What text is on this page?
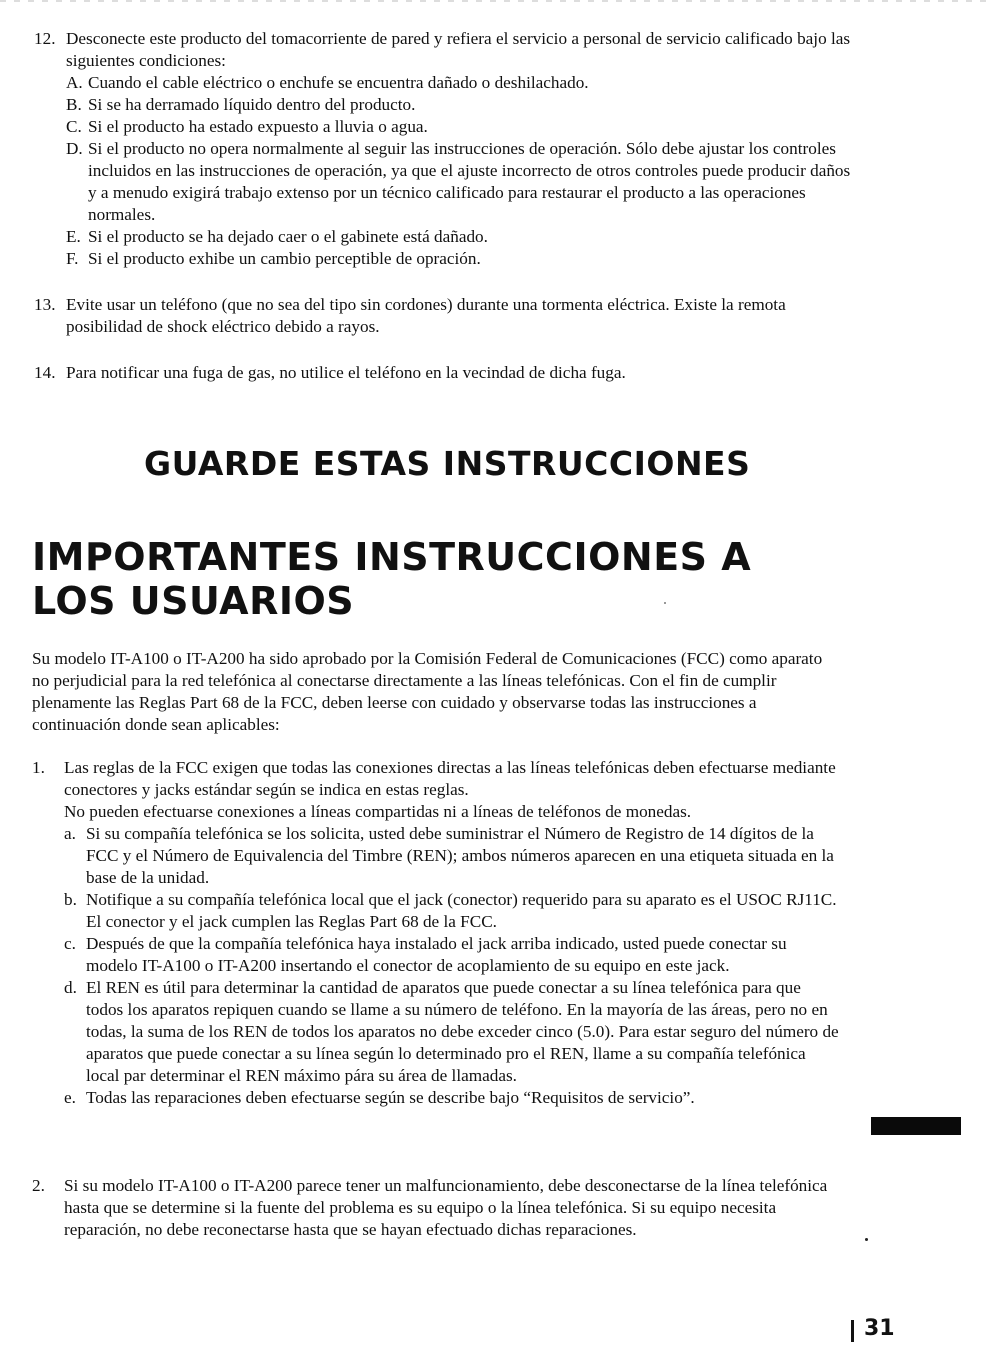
12. Desconecte este producto del tomacorriente de pared y refiera el servicio a personal de servicio calificado bajo las siguientes condiciones:
A. Cuando el cable eléctrico o enchufe se encuentra dañado o deshilachado.
B. Si se ha derramado líquido dentro del producto.
C. Si el producto ha estado expuesto a lluvia o agua.
D. Si el producto no opera normalmente al seguir las instrucciones de operación. Sólo debe ajustar los controles incluidos en las instrucciones de operación, ya que el ajuste incorrecto de otros controles puede producir daños y a menudo exigirá trabajo extenso por un técnico calificado para restaurar el producto a las operaciones normales.
E. Si el producto se ha dejado caer o el gabinete está dañado.
F. Si el producto exhibe un cambio perceptible de opración.
13. Evite usar un teléfono (que no sea del tipo sin cordones) durante una tormenta eléctrica. Existe la remota posibilidad de shock eléctrico debido a rayos.
14. Para notificar una fuga de gas, no utilice el teléfono en la vecindad de dicha fuga.
GUARDE ESTAS INSTRUCCIONES
IMPORTANTES INSTRUCCIONES A LOS USUARIOS
Su modelo IT-A100 o IT-A200 ha sido aprobado por la Comisión Federal de Comunicaciones (FCC) como aparato no perjudicial para la red telefónica al conectarse directamente a las líneas telefónicas. Con el fin de cumplir plenamente las Reglas Part 68 de la FCC, deben leerse con cuidado y observarse todas las instrucciones a continuación donde sean aplicables:
1. Las reglas de la FCC exigen que todas las conexiones directas a las líneas telefónicas deben efectuarse mediante conectores y jacks estándar según se indica en estas reglas.
No pueden efectuarse conexiones a líneas compartidas ni a líneas de teléfonos de monedas.
a. Si su compañía telefónica se los solicita, usted debe suministrar el Número de Registro de 14 dígitos de la FCC y el Número de Equivalencia del Timbre (REN); ambos números aparecen en una etiqueta situada en la base de la unidad.
b. Notifique a su compañía telefónica local que el jack (conector) requerido para su aparato es el USOC RJ11C. El conector y el jack cumplen las Reglas Part 68 de la FCC.
c. Después de que la compañía telefónica haya instalado el jack arriba indicado, usted puede conectar su modelo IT-A100 o IT-A200 insertando el conector de acoplamiento de su equipo en este jack.
d. El REN es útil para determinar la cantidad de aparatos que puede conectar a su línea telefónica para que todos los aparatos repiquen cuando se llame a su número de teléfono. En la mayoría de las áreas, pero no en todas, la suma de los REN de todos los aparatos no debe exceder cinco (5.0). Para estar seguro del número de aparatos que puede conectar a su línea según lo determinado pro el REN, llame a su compañía telefónica local par determinar el REN máximo pára su área de llamadas.
e. Todas las reparaciones deben efectuarse según se describe bajo “Requisitos de servicio”.
2. Si su modelo IT-A100 o IT-A200 parece tener un malfuncionamiento, debe desconectarse de la línea telefónica hasta que se determine si la fuente del problema es su equipo o la línea telefónica. Si su equipo necesita reparación, no debe reconectarse hasta que se hayan efectuado dichas reparaciones.
31
